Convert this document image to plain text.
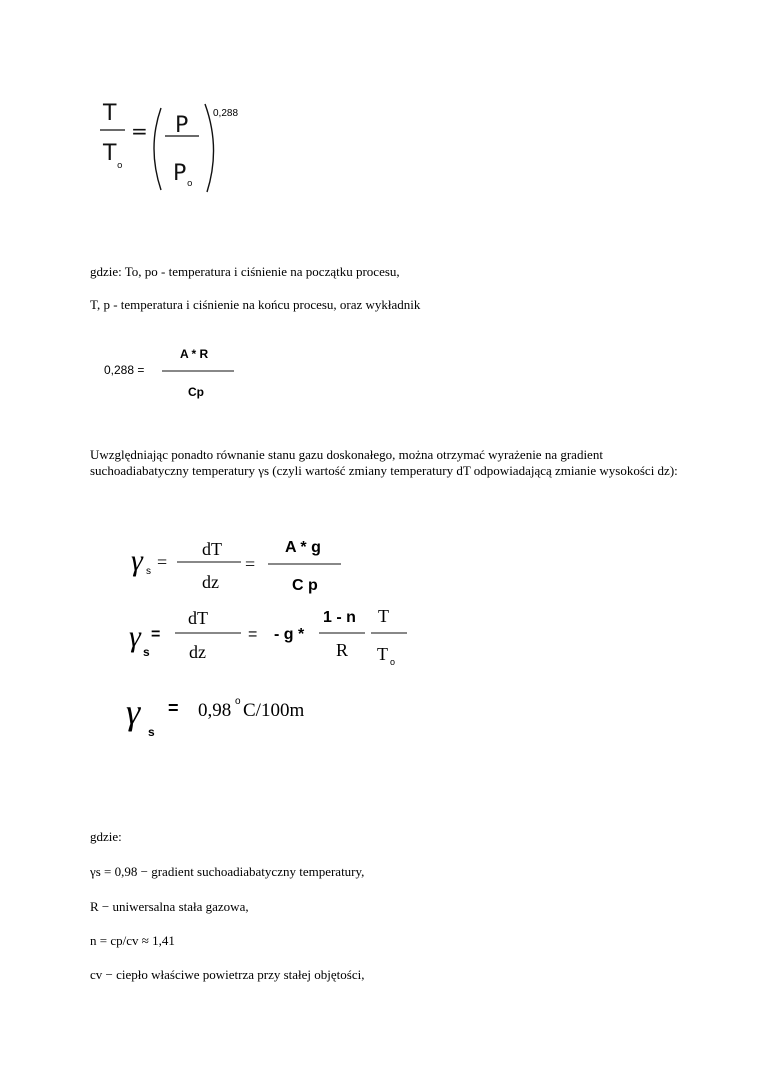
T
T o
= P
P o
0,288
gdzie: To, po - temperatura i ciśnienie na początku procesu,
T, p - temperatura i ciśnienie na końcu procesu, oraz wykładnik
0,288 =
A * R
Cp
Uwzględniając ponadto równanie stanu gazu doskonałego, można otrzymać wyrażenie na gradient suchoadiabatyczny temperatury γs (czyli wartość zmiany temperatury dT odpowiadającą zmianie wysokości dz):
γ s =
dT
dz
=
A * g
C p
γ s
=
dT
dz
= - g *
1 - n
R
T
T o
γ s
= 0,98 o C/100m
gdzie:
γs = 0,98 − gradient suchoadiabatyczny temperatury,
R − uniwersalna stała gazowa,
n = cp/cv ≈ 1,41
cv − ciepło właściwe powietrza przy stałej objętości,
